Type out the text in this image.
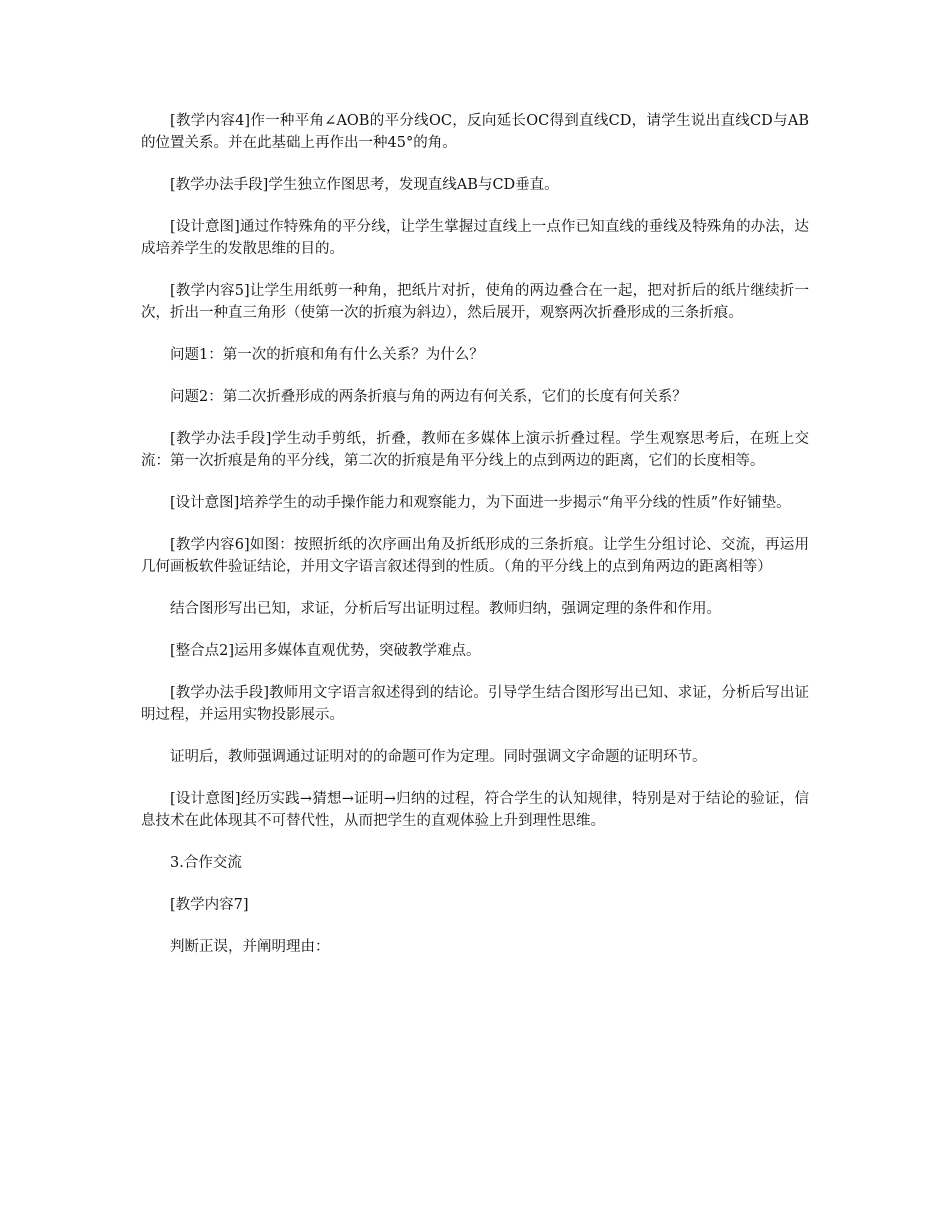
[教学内容4]作一种平角∠AOB的平分线OC，反向延长OC得到直线CD，请学生说出直线CD与AB的位置关系。并在此基础上再作出一种45°的角。

[教学办法手段]学生独立作图思考，发现直线AB与CD垂直。

[设计意图]通过作特殊角的平分线，让学生掌握过直线上一点作已知直线的垂线及特殊角的办法，达成培养学生的发散思维的目的。

[教学内容5]让学生用纸剪一种角，把纸片对折，使角的两边叠合在一起，把对折后的纸片继续折一次，折出一种直三角形（使第一次的折痕为斜边），然后展开，观察两次折叠形成的三条折痕。

问题1：第一次的折痕和角有什么关系？为什么？

问题2：第二次折叠形成的两条折痕与角的两边有何关系，它们的长度有何关系？

[教学办法手段]学生动手剪纸，折叠，教师在多媒体上演示折叠过程。学生观察思考后，在班上交流：第一次折痕是角的平分线，第二次的折痕是角平分线上的点到两边的距离，它们的长度相等。

[设计意图]培养学生的动手操作能力和观察能力，为下面进一步揭示“角平分线的性质”作好铺垫。

[教学内容6]如图：按照折纸的次序画出角及折纸形成的三条折痕。让学生分组讨论、交流，再运用几何画板软件验证结论，并用文字语言叙述得到的性质。（角的平分线上的点到角两边的距离相等）

结合图形写出已知，求证，分析后写出证明过程。教师归纳，强调定理的条件和作用。

[整合点2]运用多媒体直观优势，突破教学难点。

[教学办法手段]教师用文字语言叙述得到的结论。引导学生结合图形写出已知、求证，分析后写出证明过程，并运用实物投影展示。

证明后，教师强调通过证明对的的命题可作为定理。同时强调文字命题的证明环节。

[设计意图]经历实践→猜想→证明→归纳的过程，符合学生的认知规律，特别是对于结论的验证，信息技术在此体现其不可替代性，从而把学生的直观体验上升到理性思维。

3.合作交流

[教学内容7]

判断正误，并阐明理由：
